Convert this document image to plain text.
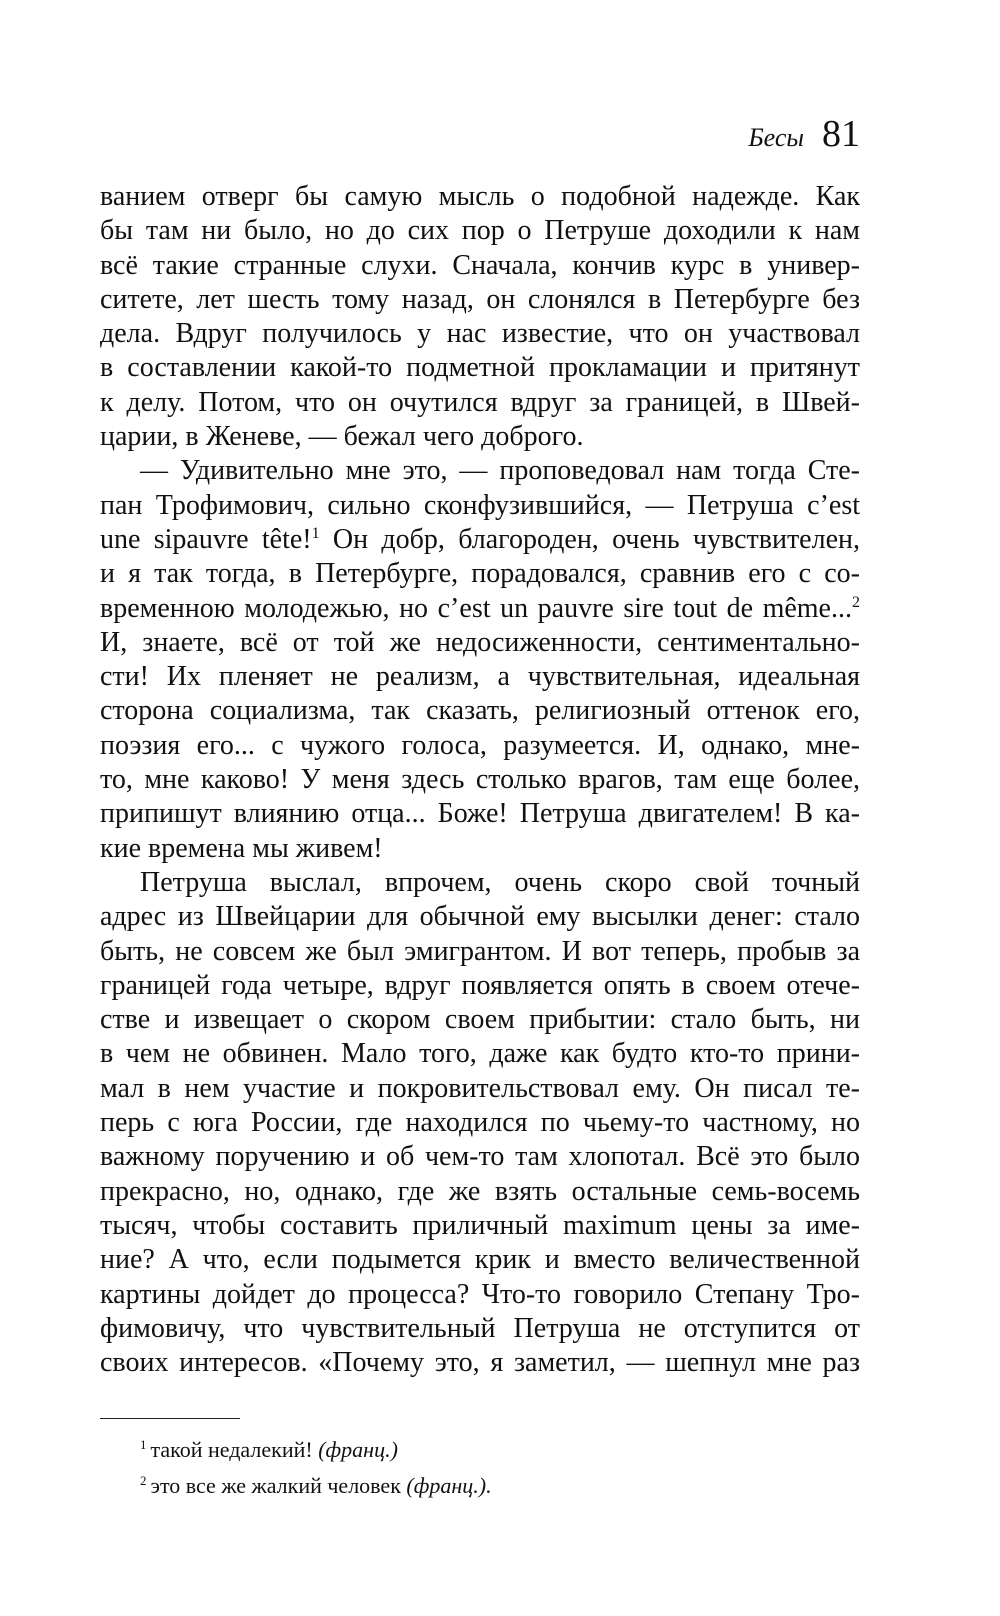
Бесы 81
ванием отверг бы самую мысль о подобной надежде. Как
бы там ни было, но до сих пор о Петруше доходили к нам
всё такие странные слухи. Сначала, кончив курс в универ-
ситете, лет шесть тому назад, он слонялся в Петербурге без
дела. Вдруг получилось у нас известие, что он участвовал
в составлении какой-то подметной прокламации и притянут
к делу. Потом, что он очутился вдруг за границей, в Швей-
царии, в Женеве, — бежал чего доброго.
— Удивительно мне это, — проповедовал нам тогда Сте-
пан Трофимович, сильно сконфузившийся, — Петруша c’est
une sipauvre tête!$^1$ Он добр, благороден, очень чувствителен,
и я так тогда, в Петербурге, порадовался, сравнив его с со-
временною молодежью, но c’est un pauvre sire tout de même...$^2$
И, знаете, всё от той же недосиженности, сентиментально-
сти! Их пленяет не реализм, а чувствительная, идеальная
сторона социализма, так сказать, религиозный оттенок его,
поэзия его... с чужого голоса, разумеется. И, однако, мне-
то, мне каково! У меня здесь столько врагов, там еще более,
припишут влиянию отца... Боже! Петруша двигателем! В ка-
кие времена мы живем!
Петруша выслал, впрочем, очень скоро свой точный
адрес из Швейцарии для обычной ему высылки денег: стало
быть, не совсем же был эмигрантом. И вот теперь, пробыв за
границей года четыре, вдруг появляется опять в своем отече-
стве и извещает о скором своем прибытии: стало быть, ни
в чем не обвинен. Мало того, даже как будто кто-то прини-
мал в нем участие и покровительствовал ему. Он писал те-
перь с юга России, где находился по чьему-то частному, но
важному поручению и об чем-то там хлопотал. Всё это было
прекрасно, но, однако, где же взять остальные семь-восемь
тысяч, чтобы составить приличный maximum цены за име-
ние? А что, если подымется крик и вместо величественной
картины дойдет до процесса? Что-то говорило Степану Тро-
фимовичу, что чувствительный Петруша не отступится от
своих интересов. «Почему это, я заметил, — шепнул мне раз
$^1$ такой недалекий! (франц.)
$^2$ это все же жалкий человек (франц.).
